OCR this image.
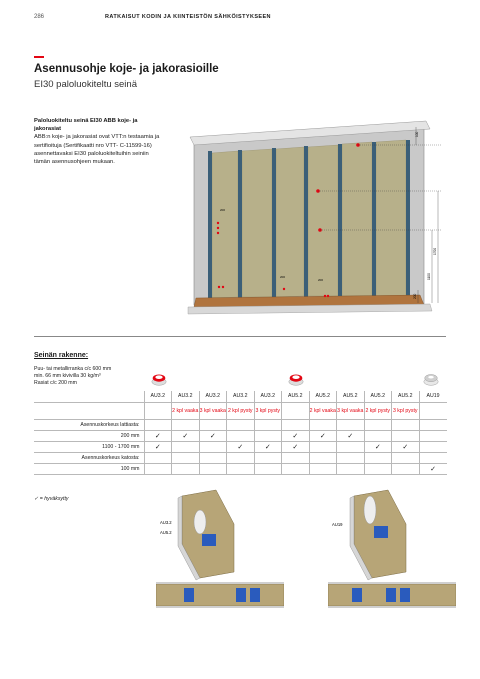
286	RATKAISUT KODIN JA KIINTEISTÖN SÄHKÖISTYKSEEN
Asennusohje koje- ja jakorasioille
EI30 paloluokiteltu seinä
Paloluokiteltu seinä EI30 ABB koje- ja
jakorasiat
ABB:n koje- ja jakorasiat ovat VTT:n testaamia ja sertifioituja (Sertifikaatti nro VTT- C-11599-16) asennettavaksi EI30 paloluokiteltuihin seiniin tämän asennusohjeen mukaan.
100
1700
1100
200
200
200
200
Seinän rakenne:
Puu- tai metallirranka c/c 600 mm
min. 66 mm kivivilla 30 kg/m³
Rasiat c/c 200 mm
	AU3.2	AU3.2	AU3.2	AU3.2	AU3.2	AU5.2	AU5.2	AU5.2	AU5.2	AU5.2	AU19

		2 kpl vaaka	3 kpl vaaka	2 kpl pysty	3 kpl pysty		2 kpl vaaka	3 kpl vaaka	2 kpl pysty	3 kpl pysty	

Asennuskorkeus lattiasta:											
200 mm	✓	✓	✓			✓	✓	✓			
1100 - 1700 mm	✓			✓	✓	✓			✓	✓	
Asennuskorkeus katosta:											
100 mm											✓
✓ = hyväksytty
AU3.2
AU5.2
AU19
